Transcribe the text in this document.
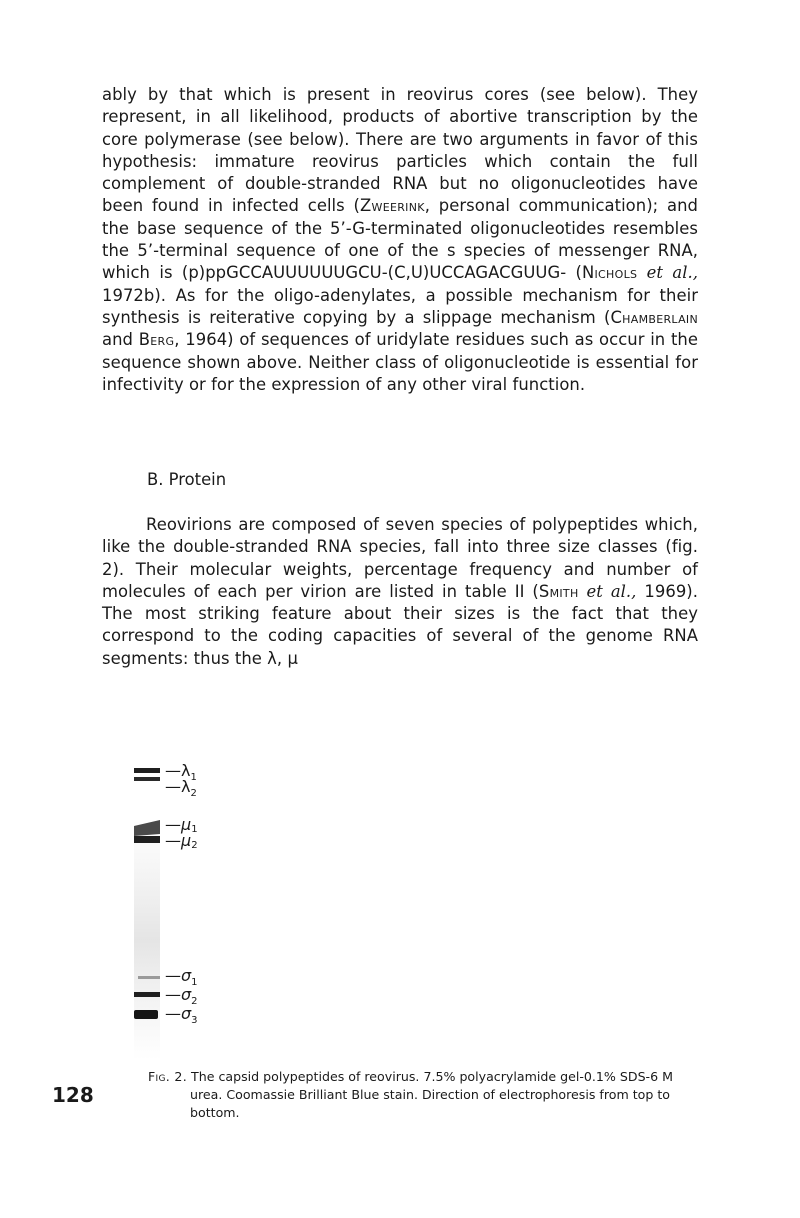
ably by that which is present in reovirus cores (see below). They represent, in all likelihood, products of abortive transcription by the core polymerase (see below). There are two arguments in favor of this hypothesis: immature reovirus particles which contain the full complement of double-stranded RNA but no oligonucleotides have been found in infected cells (Zweerink, personal communication); and the base sequence of the 5’-G-terminated oligonucleotides resembles the 5’-terminal sequence of one of the s species of messenger RNA, which is (p)ppGCCAUUUUUUGCU-(C,U)UCCAGACGUUG- (Nichols et al., 1972b). As for the oligo-adenylates, a possible mechanism for their synthesis is reiterative copying by a slippage mechanism (Chamberlain and Berg, 1964) of sequences of uridylate residues such as occur in the sequence shown above. Neither class of oligonucleotide is essential for infectivity or for the expression of any other viral function.

B. Protein

Reovirions are composed of seven species of polypeptides which, like the double-stranded RNA species, fall into three size classes (fig. 2). Their molecular weights, percentage frequency and number of molecules of each per virion are listed in table II (Smith et al., 1969). The most striking feature about their sizes is the fact that they correspond to the coding capacities of several of the genome RNA segments: thus the λ, μ

$—\lambda_1$
$—\lambda_2$
—μ1
—μ2
$—\sigma_1$
$—\sigma_2$
$—\sigma_3$
128

Fig. 2. The capsid polypeptides of reovirus. 7.5% polyacrylamide gel-0.1% SDS-6 M urea. Coomassie Brilliant Blue stain. Direction of electrophoresis from top to bottom.
